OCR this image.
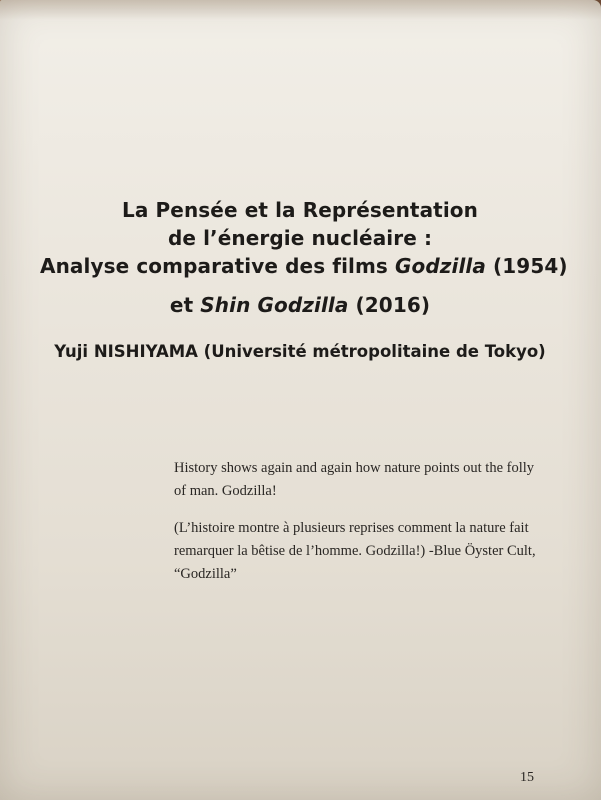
La Pensée et la Représentation
de l’énergie nucléaire :
Analyse comparative des films Godzilla (1954)
et Shin Godzilla (2016)
Yuji NISHIYAMA (Université métropolitaine de Tokyo)

History shows again and again how nature points out the folly of man. Godzilla!

(L’histoire montre à plusieurs reprises comment la nature fait remarquer la bêtise de l’homme. Godzilla!) -Blue Öyster Cult, “Godzilla”

15
